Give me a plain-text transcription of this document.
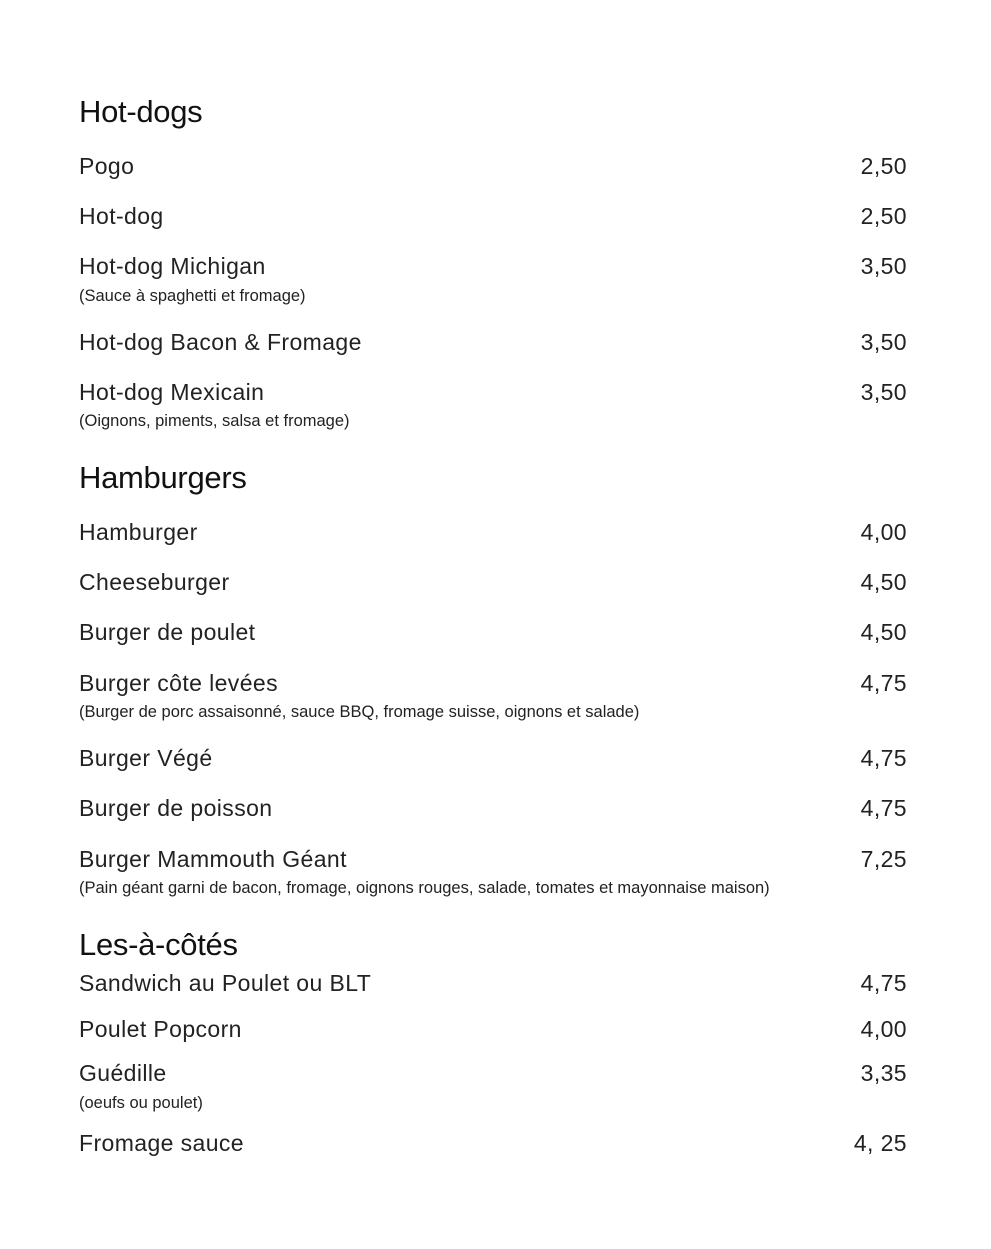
Hot-dogs
Pogo	2,50
Hot-dog	2,50
Hot-dog Michigan	3,50
(Sauce à spaghetti et fromage)
Hot-dog Bacon & Fromage	3,50
Hot-dog Mexicain	3,50
(Oignons, piments, salsa et fromage)
Hamburgers
Hamburger	4,00
Cheeseburger	4,50
Burger de poulet	4,50
Burger côte levées	4,75
(Burger de porc assaisonné, sauce BBQ, fromage suisse, oignons et salade)
Burger Végé	4,75
Burger de poisson	4,75
Burger Mammouth Géant	7,25
(Pain géant garni de bacon, fromage, oignons rouges, salade, tomates et mayonnaise maison)
Les-à-côtés
Sandwich au Poulet ou BLT	4,75
Poulet Popcorn	4,00
Guédille	3,35
(oeufs ou poulet)
Fromage sauce	4, 25
